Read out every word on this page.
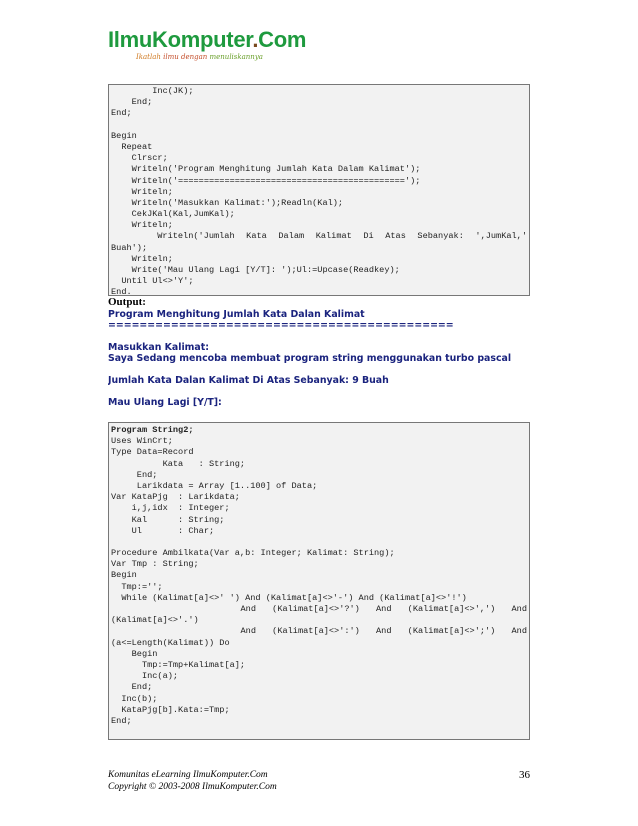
IlmuKomputer.Com
Ikatlah ilmu dengan menuliskannya
Inc(JK);
End;
End;
Begin
Repeat
Clrscr;
Writeln('Program Menghitung Jumlah Kata Dalam Kalimat');
Writeln('============================================');
Writeln;
Writeln('Masukkan Kalimat:');Readln(Kal);
CekJKal(Kal,JumKal);
Writeln;
Writeln('Jumlah Kata Dalam Kalimat Di Atas Sebanyak: ',JumKal,'
Buah');
Writeln;
Write('Mau Ulang Lagi [Y/T]: ');Ul:=Upcase(Readkey);
Until Ul<>'Y';
End.
Output:
Program Menghitung Jumlah Kata Dalan Kalimat
============================================
Masukkan Kalimat:
Saya Sedang mencoba membuat program string menggunakan turbo pascal
Jumlah Kata Dalan Kalimat Di Atas Sebanyak: 9 Buah
Mau Ulang Lagi [Y/T]:
Program String2;
Uses WinCrt;
Type Data=Record
Kata   : String;
End;
Larikdata = Array [1..100] of Data;
Var KataPjg  : Larikdata;
i,j,idx  : Integer;
Kal      : String;
Ul       : Char;
Procedure Ambilkata(Var a,b: Integer; Kalimat: String);
Var Tmp : String;
Begin
Tmp:='';
While (Kalimat[a]<>' ') And (Kalimat[a]<>'-') And (Kalimat[a]<>'!')
And (Kalimat[a]<>'?') And (Kalimat[a]<>',') And
(Kalimat[a]<>'.')
And (Kalimat[a]<>':') And (Kalimat[a]<>';') And
(a<=Length(Kalimat)) Do
Begin
Tmp:=Tmp+Kalimat[a];
Inc(a);
End;
Inc(b);
KataPjg[b].Kata:=Tmp;
End;
Komunitas eLearning IlmuKomputer.Com
Copyright © 2003-2008 IlmuKomputer.Com
36
